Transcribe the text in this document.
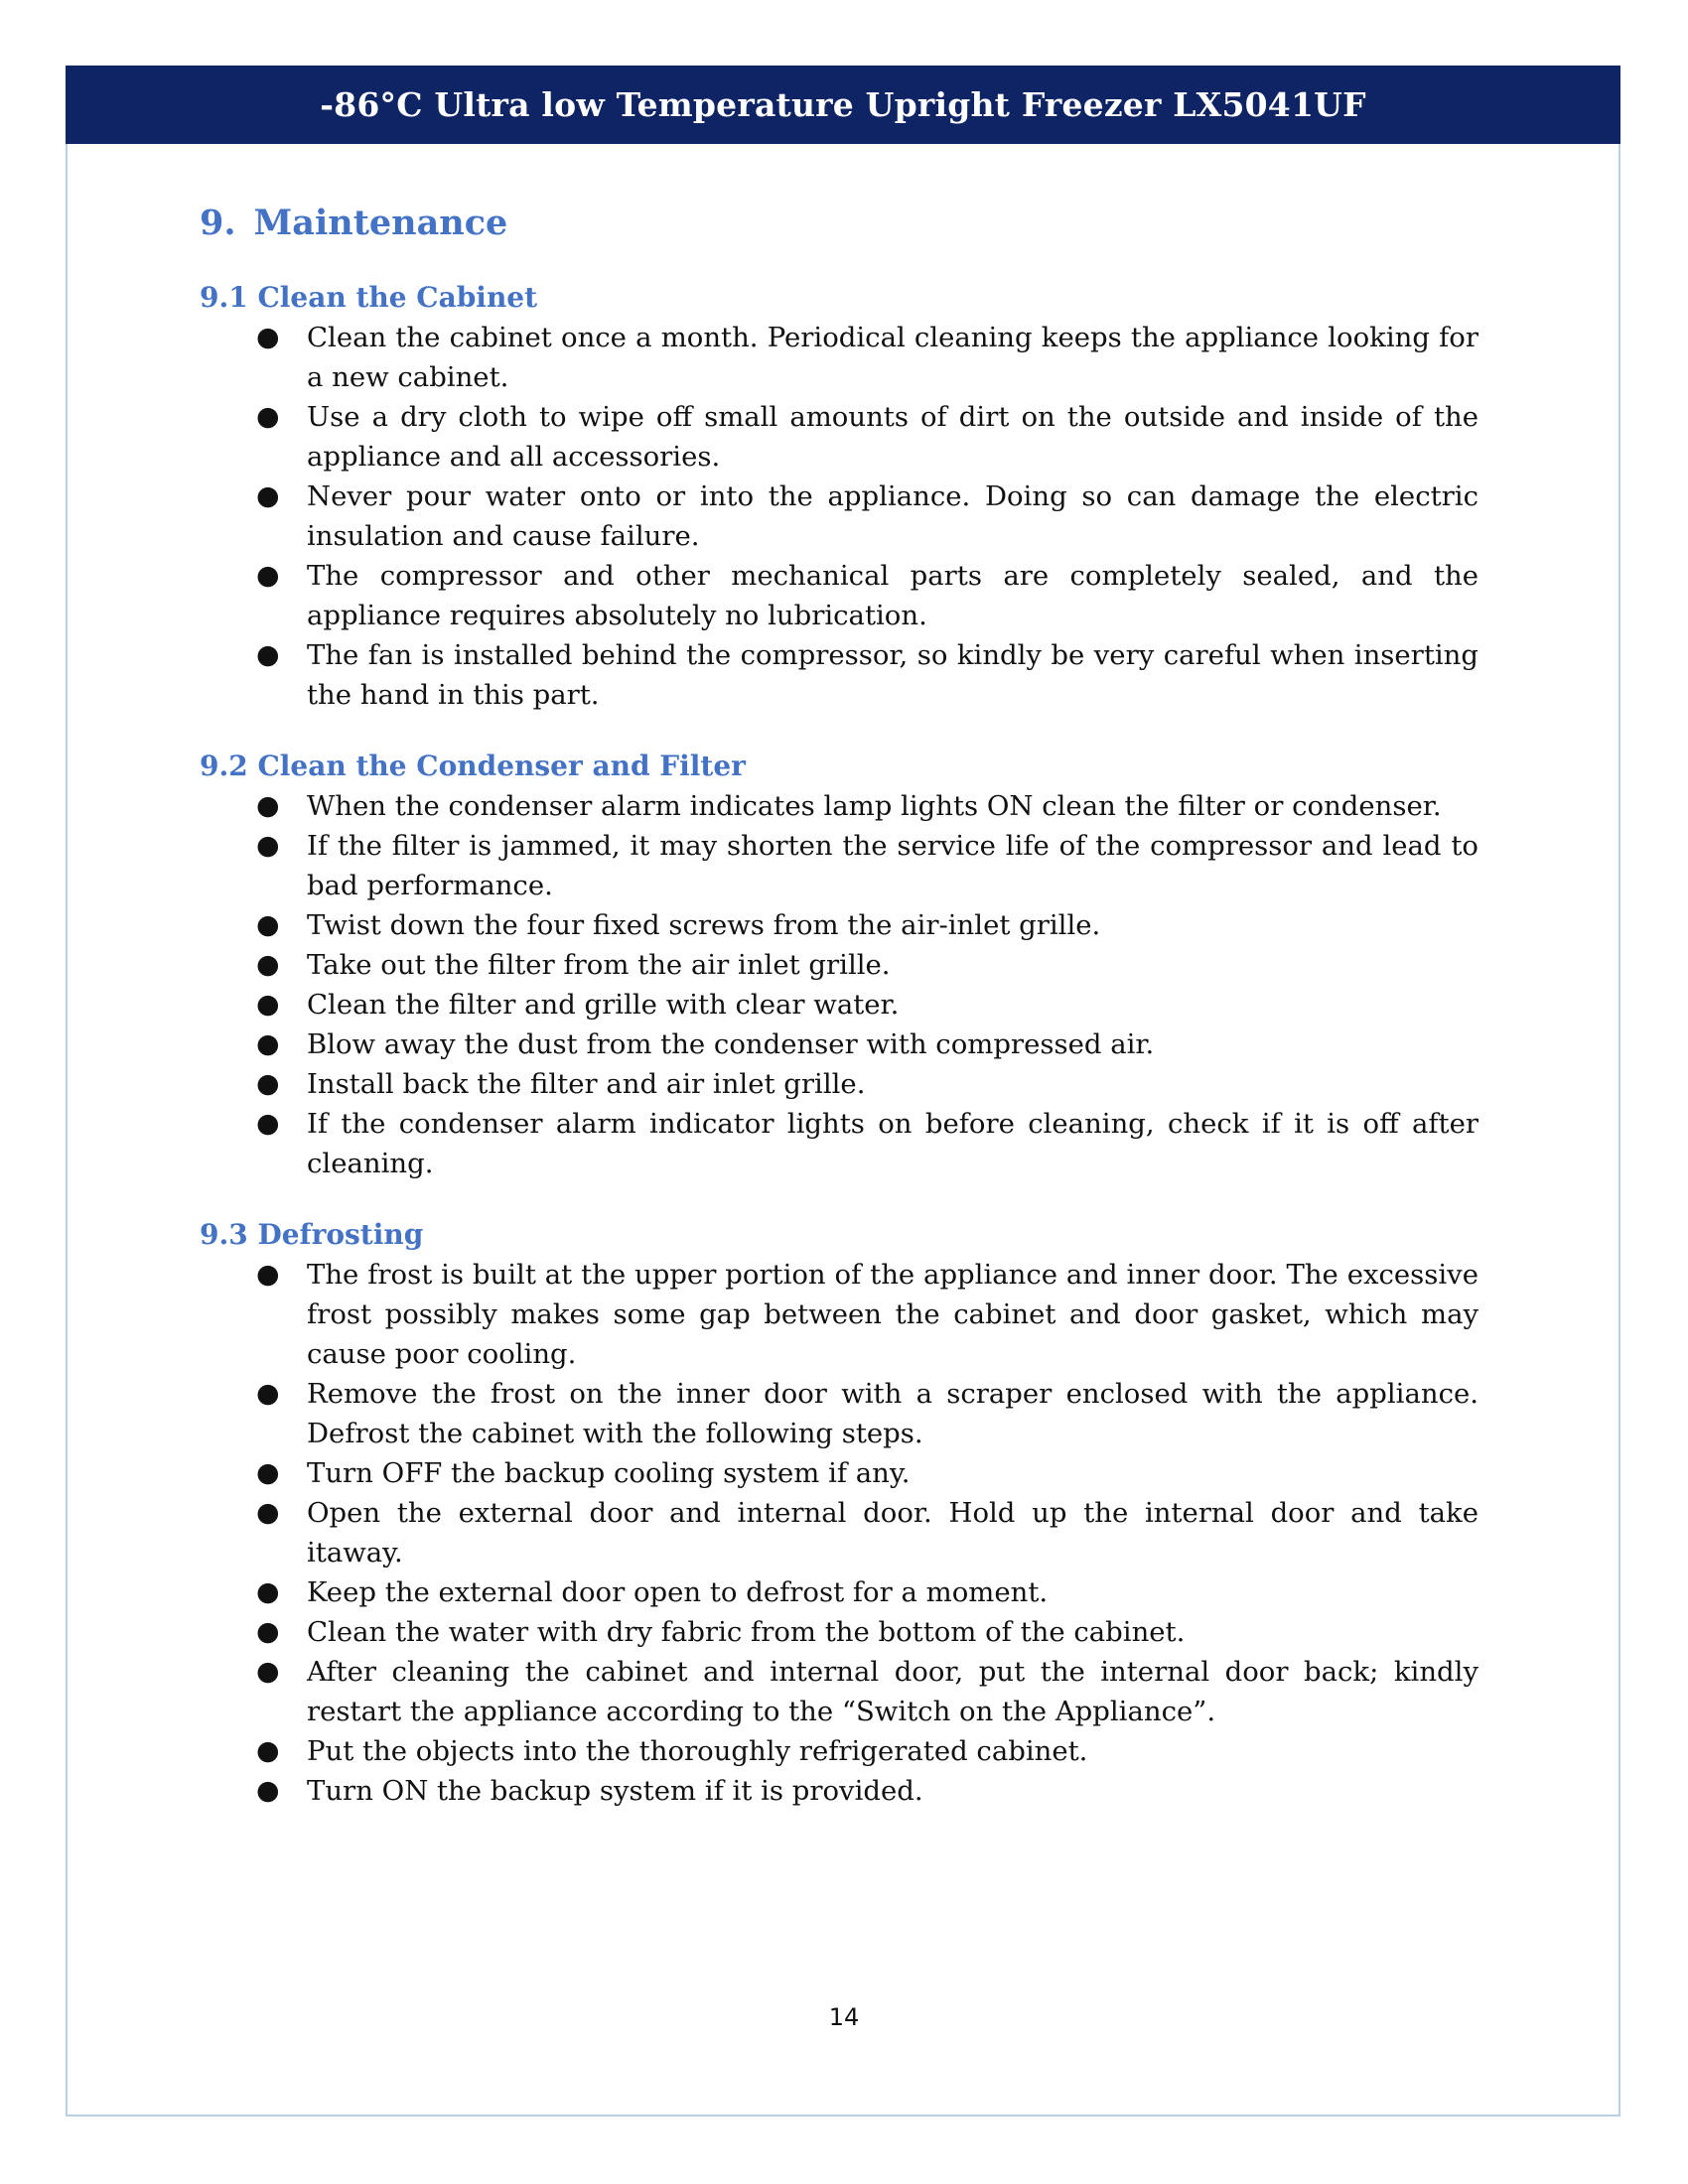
-86°C Ultra low Temperature Upright Freezer LX5041UF
9. Maintenance
9.1 Clean the Cabinet
● Clean the cabinet once a month. Periodical cleaning keeps the appliance looking for a new cabinet.
● Use a dry cloth to wipe off small amounts of dirt on the outside and inside of the appliance and all accessories.
● Never pour water onto or into the appliance. Doing so can damage the electric insulation and cause failure.
● The compressor and other mechanical parts are completely sealed, and the appliance requires absolutely no lubrication.
● The fan is installed behind the compressor, so kindly be very careful when inserting the hand in this part.
9.2 Clean the Condenser and Filter
● When the condenser alarm indicates lamp lights ON clean the filter or condenser.
● If the filter is jammed, it may shorten the service life of the compressor and lead to bad performance.
● Twist down the four fixed screws from the air-inlet grille.
● Take out the filter from the air inlet grille.
● Clean the filter and grille with clear water.
● Blow away the dust from the condenser with compressed air.
● Install back the filter and air inlet grille.
● If the condenser alarm indicator lights on before cleaning, check if it is off after cleaning.
9.3 Defrosting
● The frost is built at the upper portion of the appliance and inner door. The excessive frost possibly makes some gap between the cabinet and door gasket, which may cause poor cooling.
● Remove the frost on the inner door with a scraper enclosed with the appliance. Defrost the cabinet with the following steps.
● Turn OFF the backup cooling system if any.
● Open the external door and internal door. Hold up the internal door and take itaway.
● Keep the external door open to defrost for a moment.
● Clean the water with dry fabric from the bottom of the cabinet.
● After cleaning the cabinet and internal door, put the internal door back; kindly restart the appliance according to the “Switch on the Appliance”.
● Put the objects into the thoroughly refrigerated cabinet.
● Turn ON the backup system if it is provided.
14
